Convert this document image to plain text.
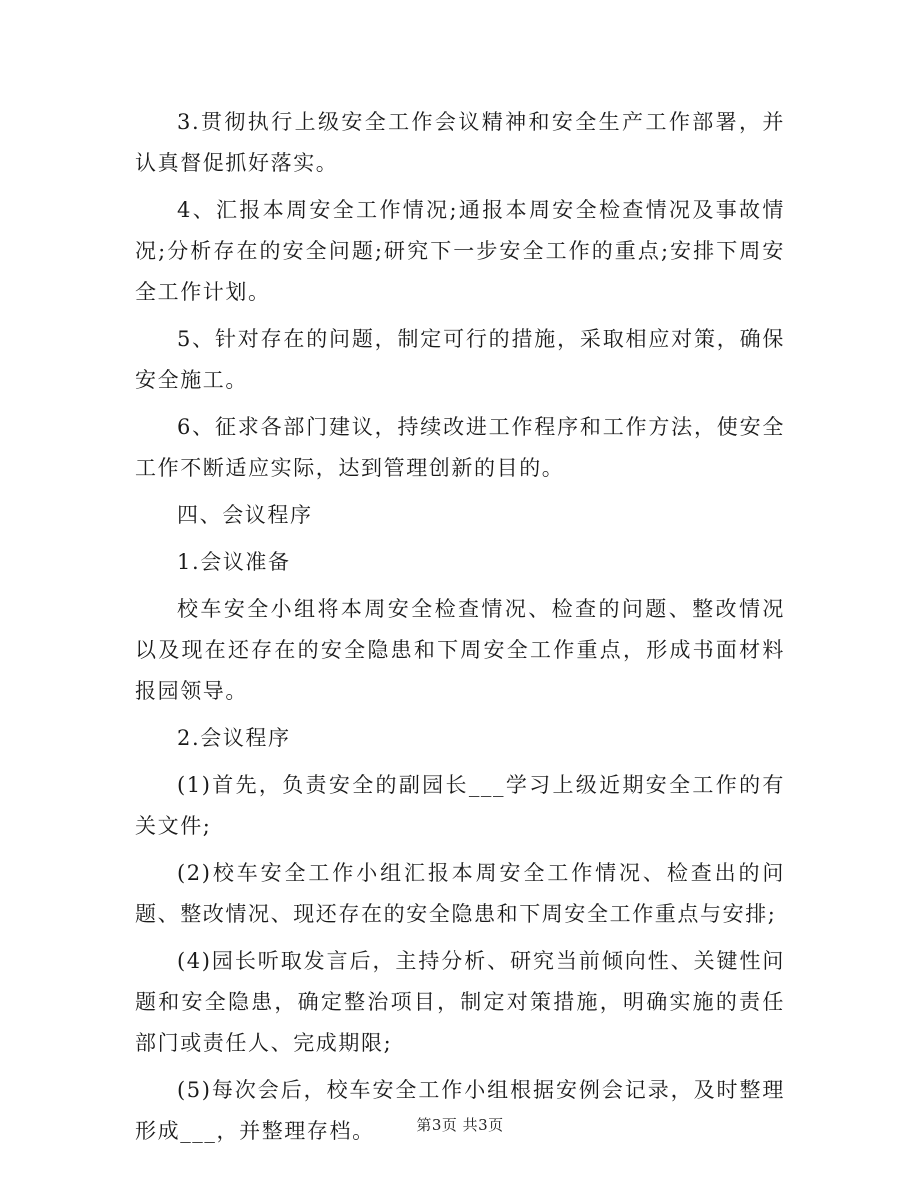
3.贯彻执行上级安全工作会议精神和安全生产工作部署，并认真督促抓好落实。

4、汇报本周安全工作情况;通报本周安全检查情况及事故情况;分析存在的安全问题;研究下一步安全工作的重点;安排下周安全工作计划。

5、针对存在的问题，制定可行的措施，采取相应对策，确保安全施工。

6、征求各部门建议，持续改进工作程序和工作方法，使安全工作不断适应实际，达到管理创新的目的。

四、会议程序

1.会议准备

校车安全小组将本周安全检查情况、检查的问题、整改情况以及现在还存在的安全隐患和下周安全工作重点，形成书面材料报园领导。

2.会议程序

(1)首先，负责安全的副园长___学习上级近期安全工作的有关文件;

(2)校车安全工作小组汇报本周安全工作情况、检查出的问题、整改情况、现还存在的安全隐患和下周安全工作重点与安排;

(4)园长听取发言后，主持分析、研究当前倾向性、关键性问题和安全隐患，确定整治项目，制定对策措施，明确实施的责任部门或责任人、完成期限;

(5)每次会后，校车安全工作小组根据安例会记录，及时整理形成___，并整理存档。	第3页 共3页
